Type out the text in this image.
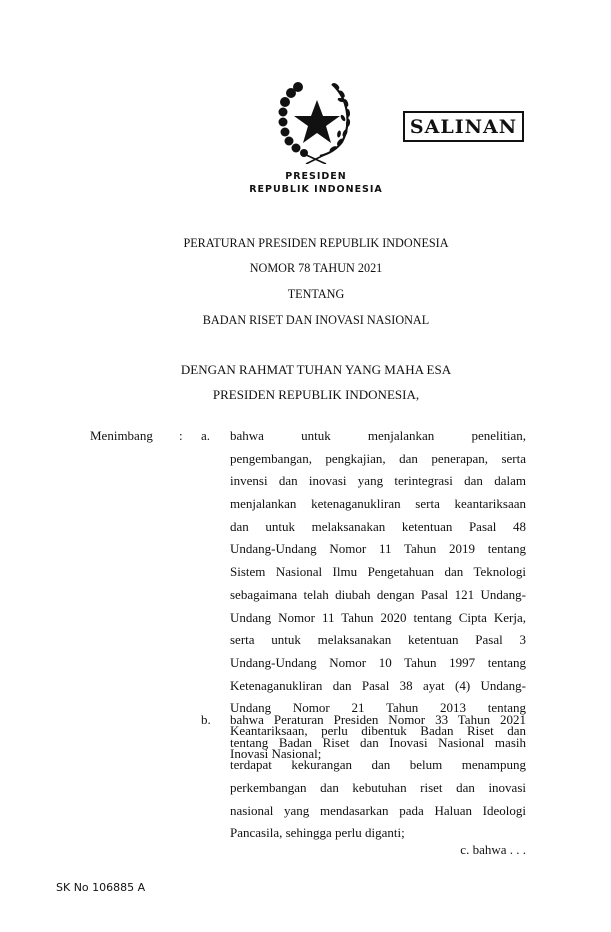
SALINAN
PRESIDEN
REPUBLIK INDONESIA
PERATURAN PRESIDEN REPUBLIK INDONESIA
NOMOR 78 TAHUN 2021
TENTANG
BADAN RISET DAN INOVASI NASIONAL
DENGAN RAHMAT TUHAN YANG MAHA ESA
PRESIDEN REPUBLIK INDONESIA,
Menimbang : a. bahwa untuk menjalankan penelitian,
pengembangan, pengkajian, dan penerapan, serta
invensi dan inovasi yang terintegrasi dan dalam
menjalankan ketenaganukliran serta keantariksaan
dan untuk melaksanakan ketentuan Pasal 48
Undang-Undang Nomor 11 Tahun 2019 tentang
Sistem Nasional Ilmu Pengetahuan dan Teknologi
sebagaimana telah diubah dengan Pasal 121 Undang-
Undang Nomor 11 Tahun 2020 tentang Cipta Kerja,
serta untuk melaksanakan ketentuan Pasal 3
Undang-Undang Nomor 10 Tahun 1997 tentang
Ketenaganukliran dan Pasal 38 ayat (4) Undang-
Undang Nomor 21 Tahun 2013 tentang
Keantariksaan, perlu dibentuk Badan Riset dan
Inovasi Nasional;
b. bahwa Peraturan Presiden Nomor 33 Tahun 2021
tentang Badan Riset dan Inovasi Nasional masih
terdapat kekurangan dan belum menampung
perkembangan dan kebutuhan riset dan inovasi
nasional yang mendasarkan pada Haluan Ideologi
Pancasila, sehingga perlu diganti;
c. bahwa . . .
SK No 106885 A
